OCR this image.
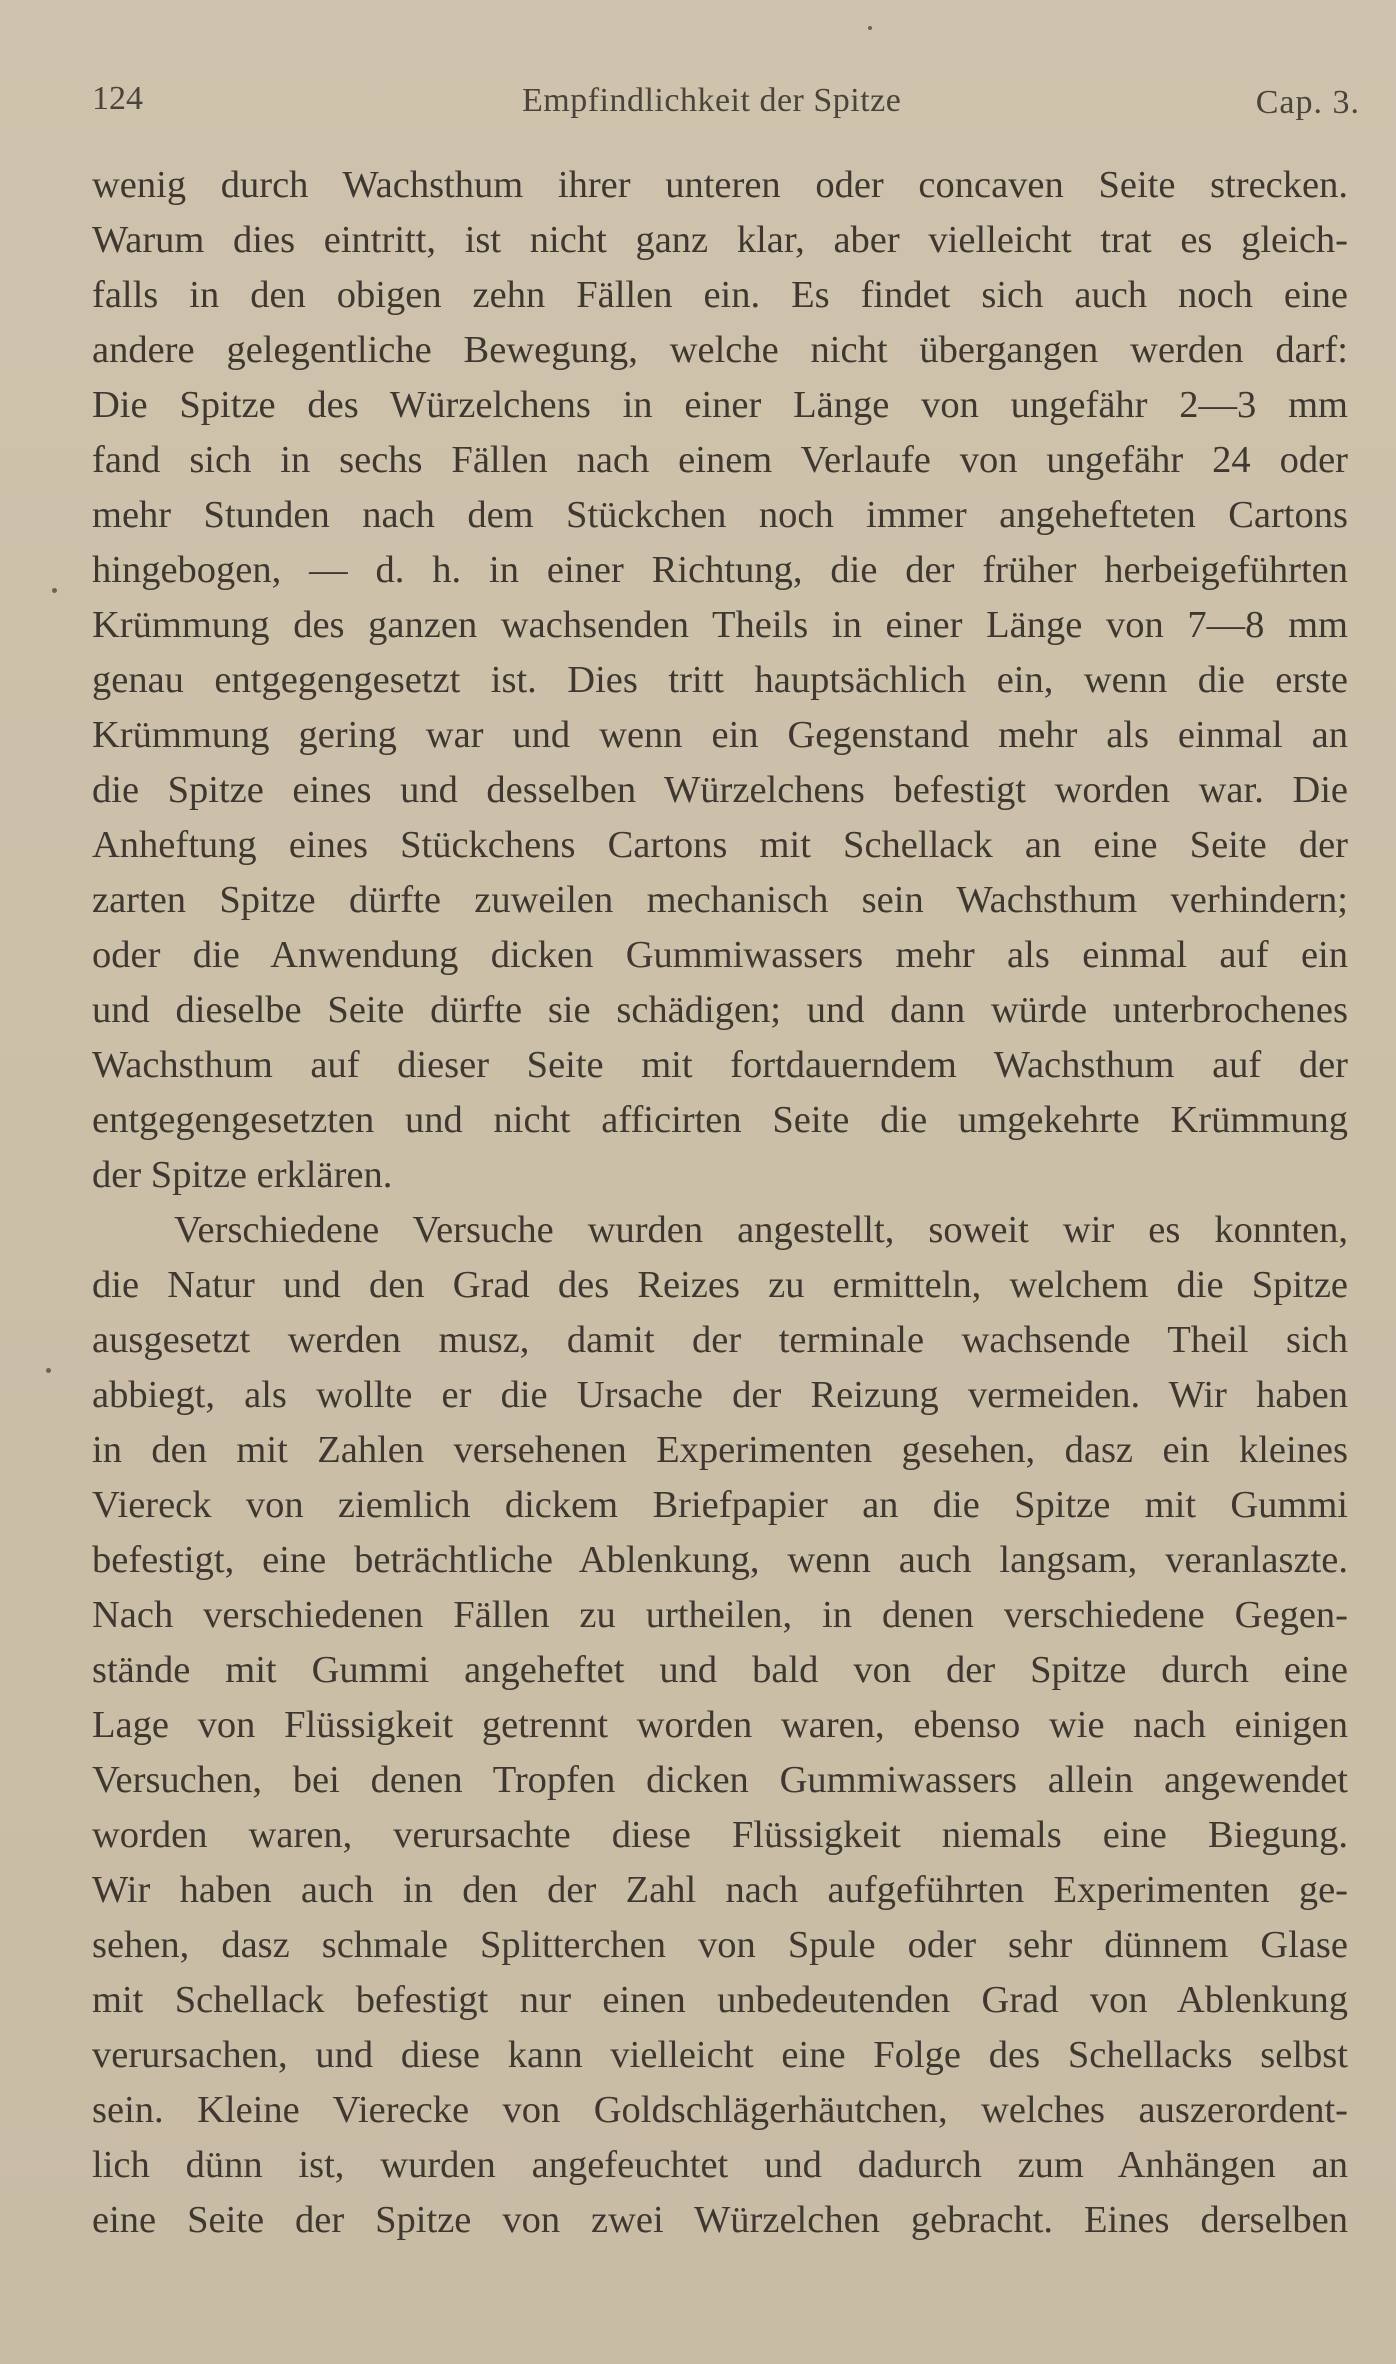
124	Empfindlichkeit der Spitze	Cap. 3.
wenig durch Wachsthum ihrer unteren oder concaven Seite strecken.
Warum dies eintritt, ist nicht ganz klar, aber vielleicht trat es gleich-
falls in den obigen zehn Fällen ein. Es findet sich auch noch eine
andere gelegentliche Bewegung, welche nicht übergangen werden darf:
Die Spitze des Würzelchens in einer Länge von ungefähr 2—3 mm
fand sich in sechs Fällen nach einem Verlaufe von ungefähr 24 oder
mehr Stunden nach dem Stückchen noch immer angehefteten Cartons
hingebogen, — d. h. in einer Richtung, die der früher herbeigeführten
Krümmung des ganzen wachsenden Theils in einer Länge von 7—8 mm
genau entgegengesetzt ist. Dies tritt hauptsächlich ein, wenn die erste
Krümmung gering war und wenn ein Gegenstand mehr als einmal an
die Spitze eines und desselben Würzelchens befestigt worden war. Die
Anheftung eines Stückchens Cartons mit Schellack an eine Seite der
zarten Spitze dürfte zuweilen mechanisch sein Wachsthum verhindern;
oder die Anwendung dicken Gummiwassers mehr als einmal auf ein
und dieselbe Seite dürfte sie schädigen; und dann würde unterbrochenes
Wachsthum auf dieser Seite mit fortdauerndem Wachsthum auf der
entgegengesetzten und nicht afficirten Seite die umgekehrte Krümmung
der Spitze erklären.
Verschiedene Versuche wurden angestellt, soweit wir es konnten,
die Natur und den Grad des Reizes zu ermitteln, welchem die Spitze
ausgesetzt werden musz, damit der terminale wachsende Theil sich
abbiegt, als wollte er die Ursache der Reizung vermeiden. Wir haben
in den mit Zahlen versehenen Experimenten gesehen, dasz ein kleines
Viereck von ziemlich dickem Briefpapier an die Spitze mit Gummi
befestigt, eine beträchtliche Ablenkung, wenn auch langsam, veranlaszte.
Nach verschiedenen Fällen zu urtheilen, in denen verschiedene Gegen-
stände mit Gummi angeheftet und bald von der Spitze durch eine
Lage von Flüssigkeit getrennt worden waren, ebenso wie nach einigen
Versuchen, bei denen Tropfen dicken Gummiwassers allein angewendet
worden waren, verursachte diese Flüssigkeit niemals eine Biegung.
Wir haben auch in den der Zahl nach aufgeführten Experimenten ge-
sehen, dasz schmale Splitterchen von Spule oder sehr dünnem Glase
mit Schellack befestigt nur einen unbedeutenden Grad von Ablenkung
verursachen, und diese kann vielleicht eine Folge des Schellacks selbst
sein. Kleine Vierecke von Goldschlägerhäutchen, welches auszerordent-
lich dünn ist, wurden angefeuchtet und dadurch zum Anhängen an
eine Seite der Spitze von zwei Würzelchen gebracht. Eines derselben
